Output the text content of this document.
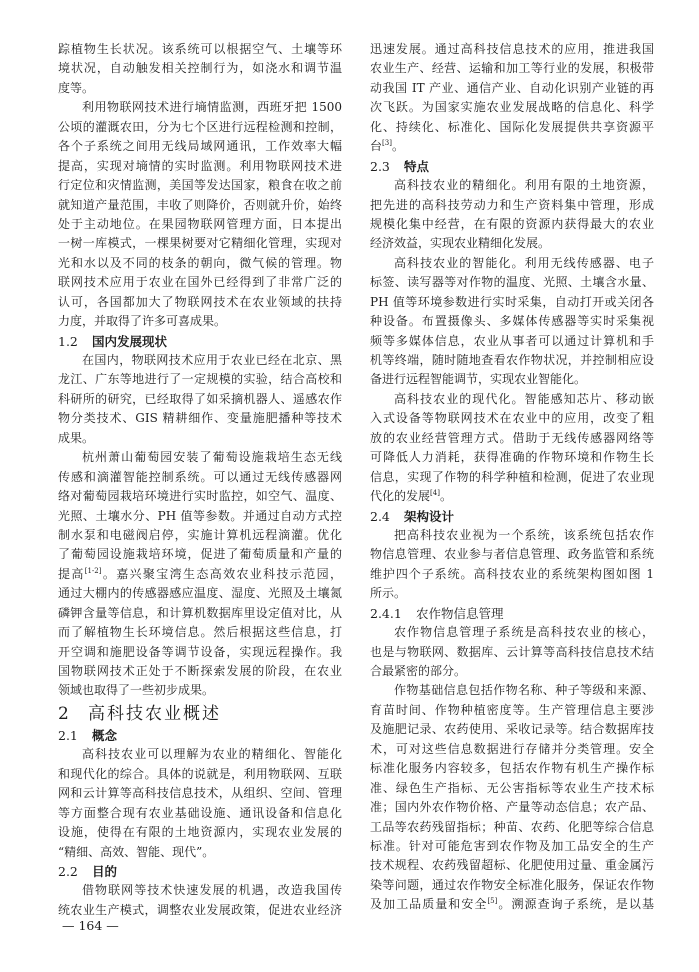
踪植物生长状况。该系统可以根据空气、土壤等环
境状况，自动触发相关控制行为，如浇水和调节温
度等。
利用物联网技术进行墒情监测，西班牙把 1500
公顷的灌溉农田，分为七个区进行远程检测和控制，
各个子系统之间用无线局域网通讯，工作效率大幅
提高，实现对墒情的实时监测。利用物联网技术进
行定位和灾情监测，美国等发达国家，粮食在收之前
就知道产量范围，丰收了则降价，否则就升价，始终
处于主动地位。在果园物联网管理方面，日本提出
一树一库模式，一棵果树要对它精细化管理，实现对
光和水以及不同的枝条的朝向，微气候的管理。物
联网技术应用于农业在国外已经得到了非常广泛的
认可，各国都加大了物联网技术在农业领域的扶持
力度，并取得了许多可喜成果。
1.2 国内发展现状
在国内，物联网技术应用于农业已经在北京、黑
龙江、广东等地进行了一定规模的实验，结合高校和
科研所的研究，已经取得了如采摘机器人、遥感农作
物分类技术、GIS 精耕细作、变量施肥播种等技术
成果。
杭州萧山葡萄园安装了葡萄设施栽培生态无线
传感和滴灌智能控制系统。可以通过无线传感器网
络对葡萄园栽培环境进行实时监控，如空气、温度、
光照、土壤水分、PH 值等参数。并通过自动方式控
制水泵和电磁阀启停，实施计算机远程滴灌。优化
了葡萄园设施栽培环境，促进了葡萄质量和产量的
提高[1-2]。嘉兴聚宝湾生态高效农业科技示范园，
通过大棚内的传感器感应温度、湿度、光照及土壤氮
磷钾含量等信息，和计算机数据库里设定值对比，从
而了解植物生长环境信息。然后根据这些信息，打
开空调和施肥设备等调节设备，实现远程操作。我
国物联网技术正处于不断探索发展的阶段，在农业
领域也取得了一些初步成果。
2 高科技农业概述
2.1 概念
高科技农业可以理解为农业的精细化、智能化
和现代化的综合。具体的说就是，利用物联网、互联
网和云计算等高科技信息技术，从组织、空间、管理
等方面整合现有农业基础设施、通讯设备和信息化
设施，使得在有限的土地资源内，实现农业发展的
“精细、高效、智能、现代”。
2.2 目的
借物联网等技术快速发展的机遇，改造我国传
统农业生产模式，调整农业发展政策，促进农业经济
迅速发展。通过高科技信息技术的应用，推进我国
农业生产、经营、运输和加工等行业的发展，积极带
动我国 IT 产业、通信产业、自动化识别产业链的再
次飞跃。为国家实施农业发展战略的信息化、科学
化、持续化、标准化、国际化发展提供共享资源平
台[3]。
2.3 特点
高科技农业的精细化。利用有限的土地资源，
把先进的高科技劳动力和生产资料集中管理，形成
规模化集中经营，在有限的资源内获得最大的农业
经济效益，实现农业精细化发展。
高科技农业的智能化。利用无线传感器、电子
标签、读写器等对作物的温度、光照、土壤含水量、
PH 值等环境参数进行实时采集，自动打开或关闭各
种设备。布置摄像头、多媒体传感器等实时采集视
频等多媒体信息，农业从事者可以通过计算机和手
机等终端，随时随地查看农作物状况，并控制相应设
备进行远程智能调节，实现农业智能化。
高科技农业的现代化。智能感知芯片、移动嵌
入式设备等物联网技术在农业中的应用，改变了粗
放的农业经营管理方式。借助于无线传感器网络等
可降低人力消耗，获得准确的作物环境和作物生长
信息，实现了作物的科学种植和检测，促进了农业现
代化的发展[4]。
2.4 架构设计
把高科技农业视为一个系统，该系统包括农作
物信息管理、农业参与者信息管理、政务监管和系统
维护四个子系统。高科技农业的系统架构图如图 1
所示。
2.4.1 农作物信息管理
农作物信息管理子系统是高科技农业的核心，
也是与物联网、数据库、云计算等高科技信息技术结
合最紧密的部分。
作物基础信息包括作物名称、种子等级和来源、
育苗时间、作物种植密度等。生产管理信息主要涉
及施肥记录、农药使用、采收记录等。结合数据库技
术，可对这些信息数据进行存储并分类管理。安全
标准化服务内容较多，包括农作物有机生产操作标
准、绿色生产指标、无公害指标等农业生产技术标
准；国内外农作物价格、产量等动态信息；农产品、
工品等农药残留指标；种苗、农药、化肥等综合信息
标准。针对可能危害到农作物及加工品安全的生产
技术规程、农药残留超标、化肥使用过量、重金属污
染等问题，通过农作物安全标准化服务，保证农作物
及加工品质量和安全[5]。溯源查询子系统，是以基
— 164 —
